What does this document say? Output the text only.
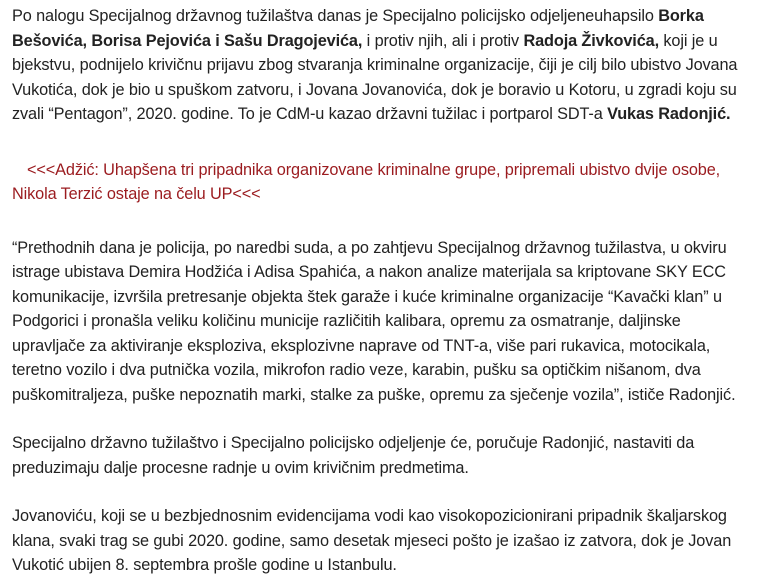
Po nalogu Specijalnog državnog tužilaštva danas je Specijalno policijsko odjeljeneuhapsilo Borka Bešovića, Borisa Pejovića i Sašu Dragojevića, i protiv njih, ali i protiv Radoja Živkovića, koji je u bjekstvu, podnijelo krivičnu prijavu zbog stvaranja kriminalne organizacije, čiji je cilj bilo ubistvo Jovana Vukotića, dok je bio u spuškom zatvoru, i Jovana Jovanovića, dok je boravio u Kotoru, u zgradi koju su zvali “Pentagon”, 2020. godine. To je CdM-u kazao državni tužilac i portparol SDT-a Vukas Radonjić.

<<<Adžić: Uhapšena tri pripadnika organizovane kriminalne grupe, pripremali ubistvo dvije osobe, Nikola Terzić ostaje na čelu UP<<<

“Prethodnih dana je policija, po naredbi suda, a po zahtjevu Specijalnog državnog tužilastva, u okviru istrage ubistava Demira Hodžića i Adisa Spahića, a nakon analize materijala sa kriptovane SKY ECC komunikacije, izvršila pretresanje objekta štek garaže i kuće kriminalne organizacije “Kavački klan” u Podgorici i pronašla veliku količinu municije različitih kalibara, opremu za osmatranje, daljinske upravljače za aktiviranje eksploziva, eksplozivne naprave od TNT-a, više pari rukavica, motocikala, teretno vozilo i dva putnička vozila, mikrofon radio veze, karabin, pušku sa optičkim nišanom, dva puškomitraljeza, puške nepoznatih marki, stalke za puške, opremu za sječenje vozila”, ističe Radonjić.

Specijalno državno tužilaštvo i Specijalno policijsko odjeljenje će, poručuje Radonjić, nastaviti da preduzimaju dalje procesne radnje u ovim krivičnim predmetima.

Jovanoviću, koji se u bezbjednosnim evidencijama vodi kao visokopozicionirani pripadnik škaljarskog klana, svaki trag se gubi 2020. godine, samo desetak mjeseci pošto je izašao iz zatvora, dok je Jovan Vukotić ubijen 8. septembra prošle godine u Istanbulu.
